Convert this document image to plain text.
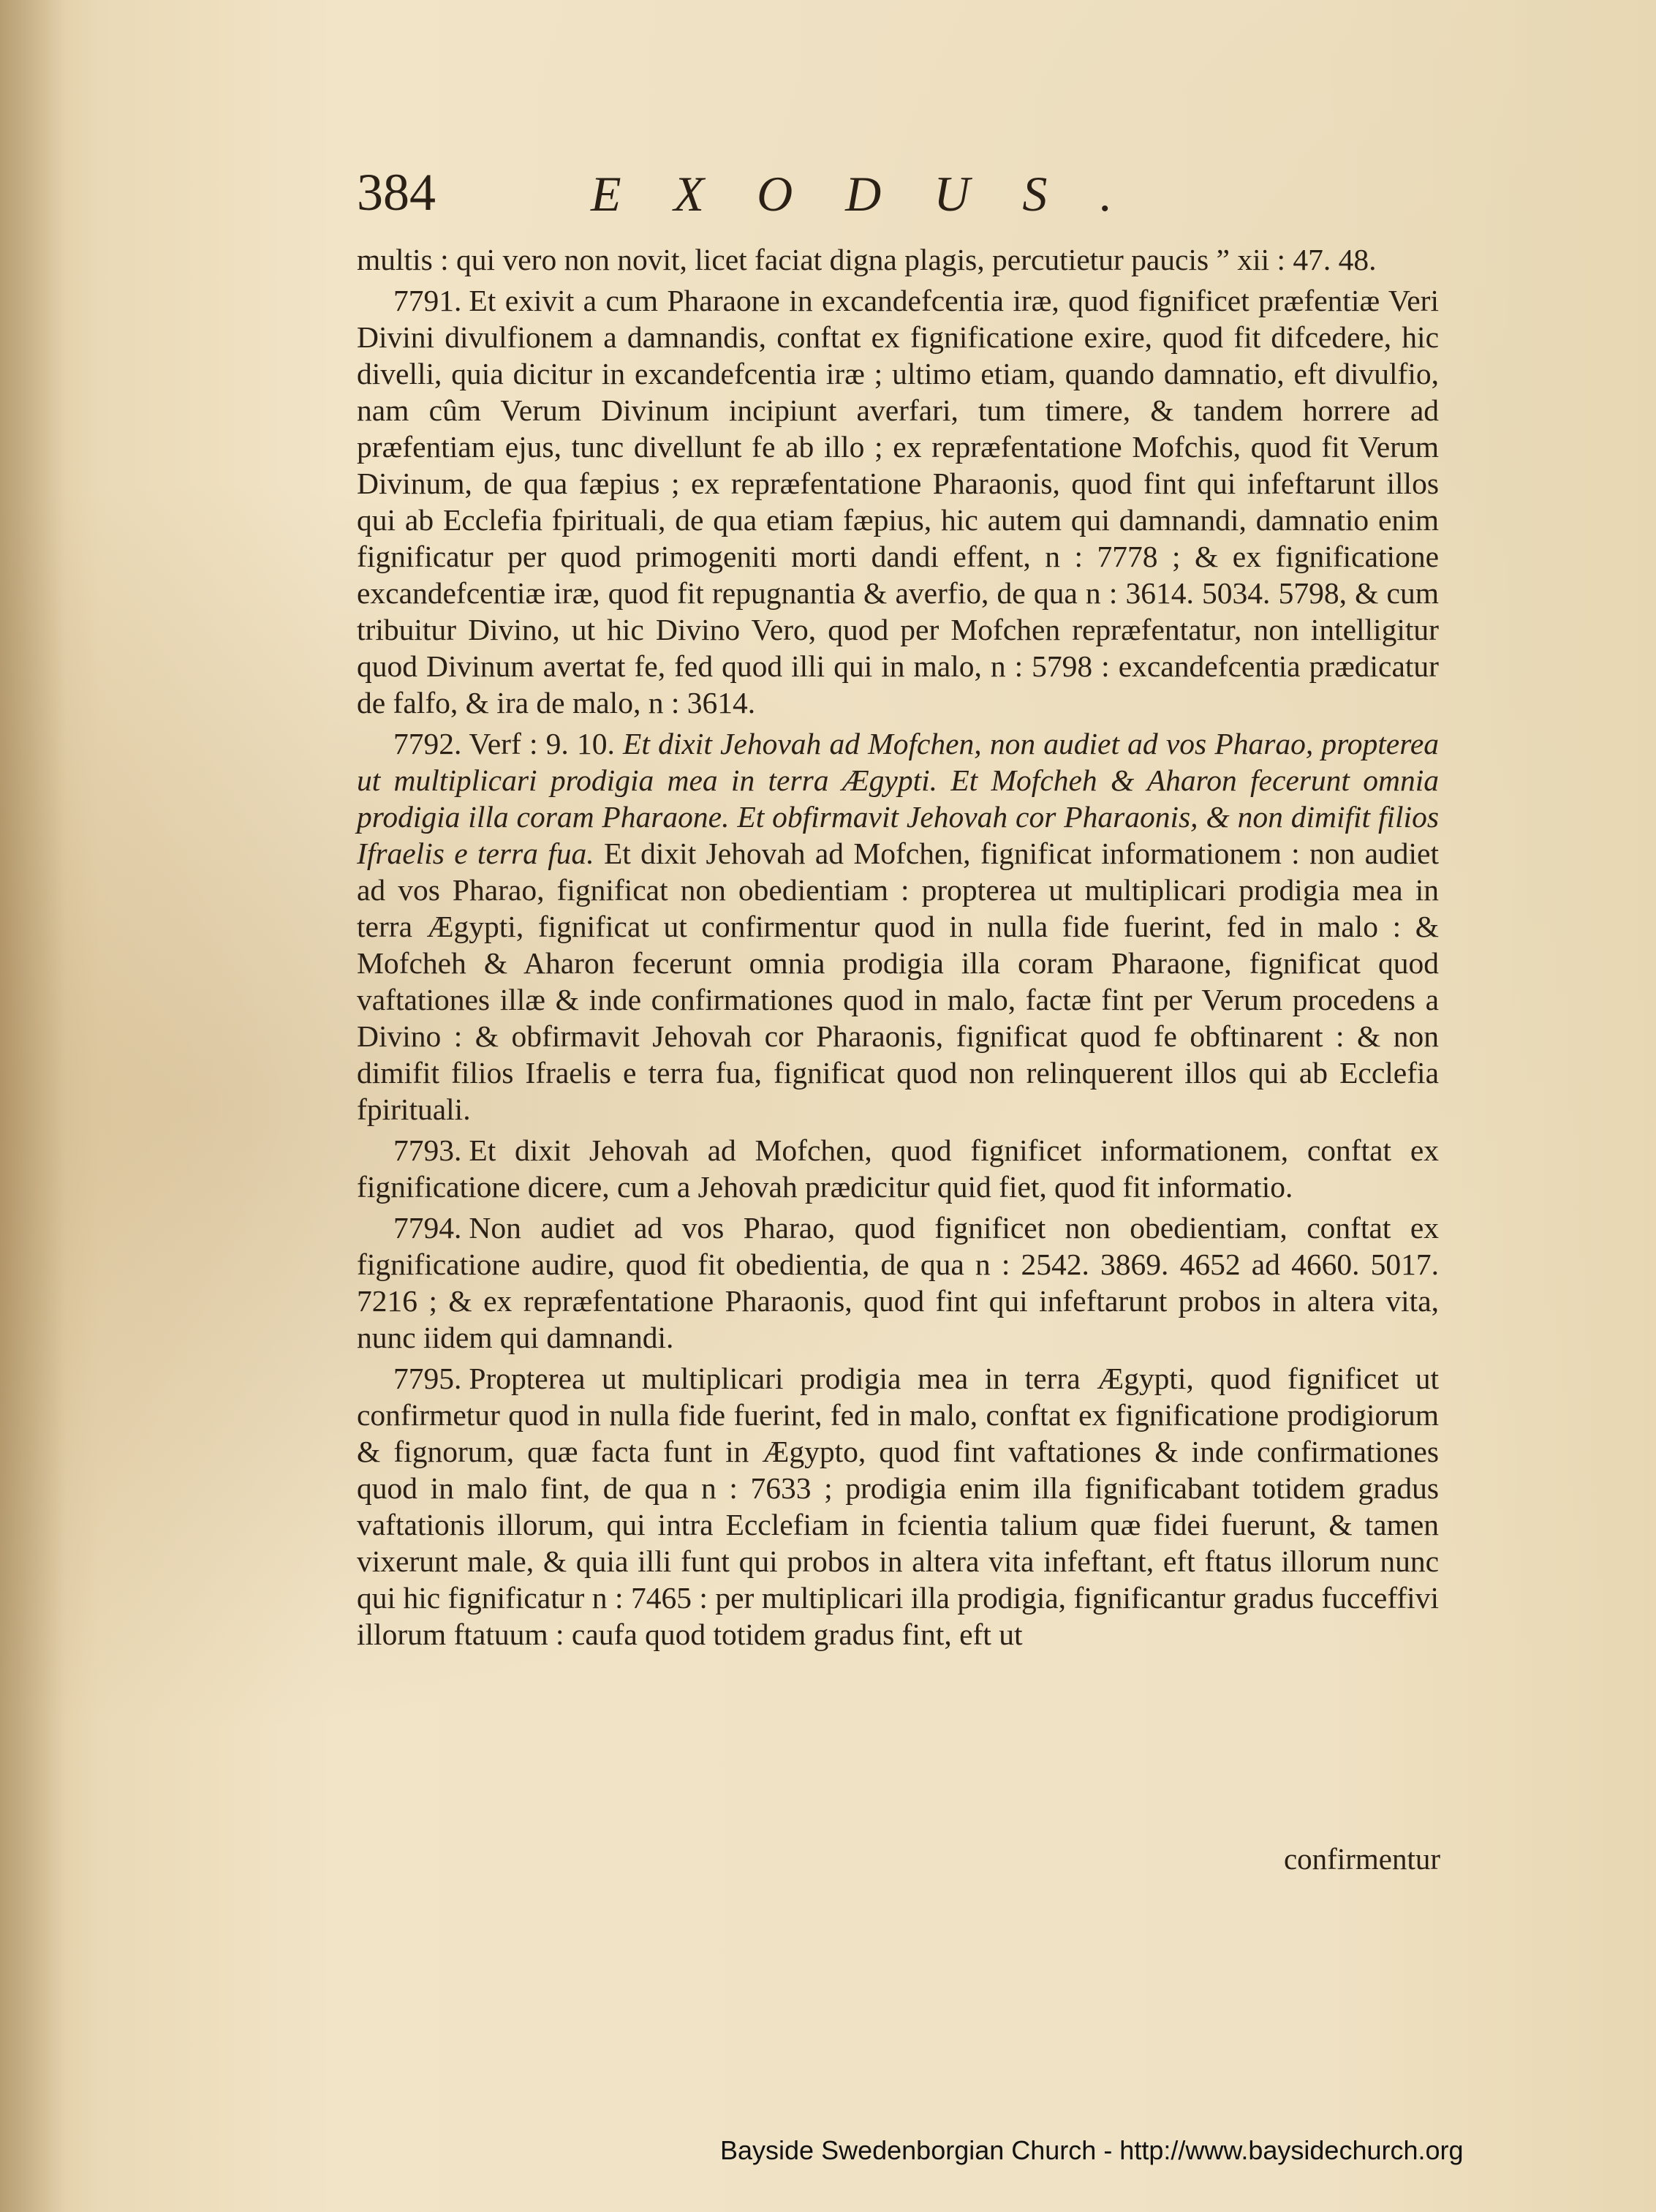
384	EXODUS.

multis : qui vero non novit, licet faciat digna plagis, percutietur paucis ” xii : 47. 48.

7791. Et exivit a cum Pharaone in excandefcentia iræ, quod fignificet præfentiæ Veri Divini divulfionem a damnandis, conftat ex fignificatione exire, quod fit difcedere, hic divelli, quia dicitur in excandefcentia iræ ; ultimo etiam, quando damnatio, eft divulfio, nam cûm Verum Divinum incipiunt averfari, tum timere, & tandem horrere ad præfentiam ejus, tunc divellunt fe ab illo ; ex repræfentatione Mofchis, quod fit Verum Divinum, de qua fæpius ; ex repræfentatione Pharaonis, quod fint qui infeftarunt illos qui ab Ecclefia fpirituali, de qua etiam fæpius, hic autem qui damnandi, damnatio enim fignificatur per quod primogeniti morti dandi effent, n : 7778 ; & ex fignificatione excandefcentiæ iræ, quod fit repugnantia & averfio, de qua n : 3614. 5034. 5798, & cum tribuitur Divino, ut hic Divino Vero, quod per Mofchen repræfentatur, non intelligitur quod Divinum avertat fe, fed quod illi qui in malo, n : 5798 : excandefcentia prædicatur de falfo, & ira de malo, n : 3614.

7792. Verf : 9. 10. Et dixit Jehovah ad Mofchen, non audiet ad vos Pharao, propterea ut multiplicari prodigia mea in terra Ægypti. Et Mofcheh & Aharon fecerunt omnia prodigia illa coram Pharaone. Et obfirmavit Jehovah cor Pharaonis, & non dimifit filios Ifraelis e terra fua. Et dixit Jehovah ad Mofchen, fignificat informationem : non audiet ad vos Pharao, fignificat non obedientiam : propterea ut multiplicari prodigia mea in terra Ægypti, fignificat ut confirmentur quod in nulla fide fuerint, fed in malo : & Mofcheh & Aharon fecerunt omnia prodigia illa coram Pharaone, fignificat quod vaftationes illæ & inde confirmationes quod in malo, factæ fint per Verum procedens a Divino : & obfirmavit Jehovah cor Pharaonis, fignificat quod fe obftinarent : & non dimifit filios Ifraelis e terra fua, fignificat quod non relinquerent illos qui ab Ecclefia fpirituali.

7793. Et dixit Jehovah ad Mofchen, quod fignificet informationem, conftat ex fignificatione dicere, cum a Jehovah prædicitur quid fiet, quod fit informatio.

7794. Non audiet ad vos Pharao, quod fignificet non obedientiam, conftat ex fignificatione audire, quod fit obedientia, de qua n : 2542. 3869. 4652 ad 4660. 5017. 7216 ; & ex repræfentatione Pharaonis, quod fint qui infeftarunt probos in altera vita, nunc iidem qui damnandi.

7795. Propterea ut multiplicari prodigia mea in terra Ægypti, quod fignificet ut confirmetur quod in nulla fide fuerint, fed in malo, conftat ex fignificatione prodigiorum & fignorum, quæ facta funt in Ægypto, quod fint vaftationes & inde confirmationes quod in malo fint, de qua n : 7633 ; prodigia enim illa fignificabant totidem gradus vaftationis illorum, qui intra Ecclefiam in fcientia talium quæ fidei fuerunt, & tamen vixerunt male, & quia illi funt qui probos in altera vita infeftant, eft ftatus illorum nunc qui hic fignificatur n : 7465 : per multiplicari illa prodigia, fignificantur gradus fucceffivi illorum ftatuum : caufa quod totidem gradus fint, eft ut

confirmentur
Bayside Swedenborgian Church - http://www.baysidechurch.org
